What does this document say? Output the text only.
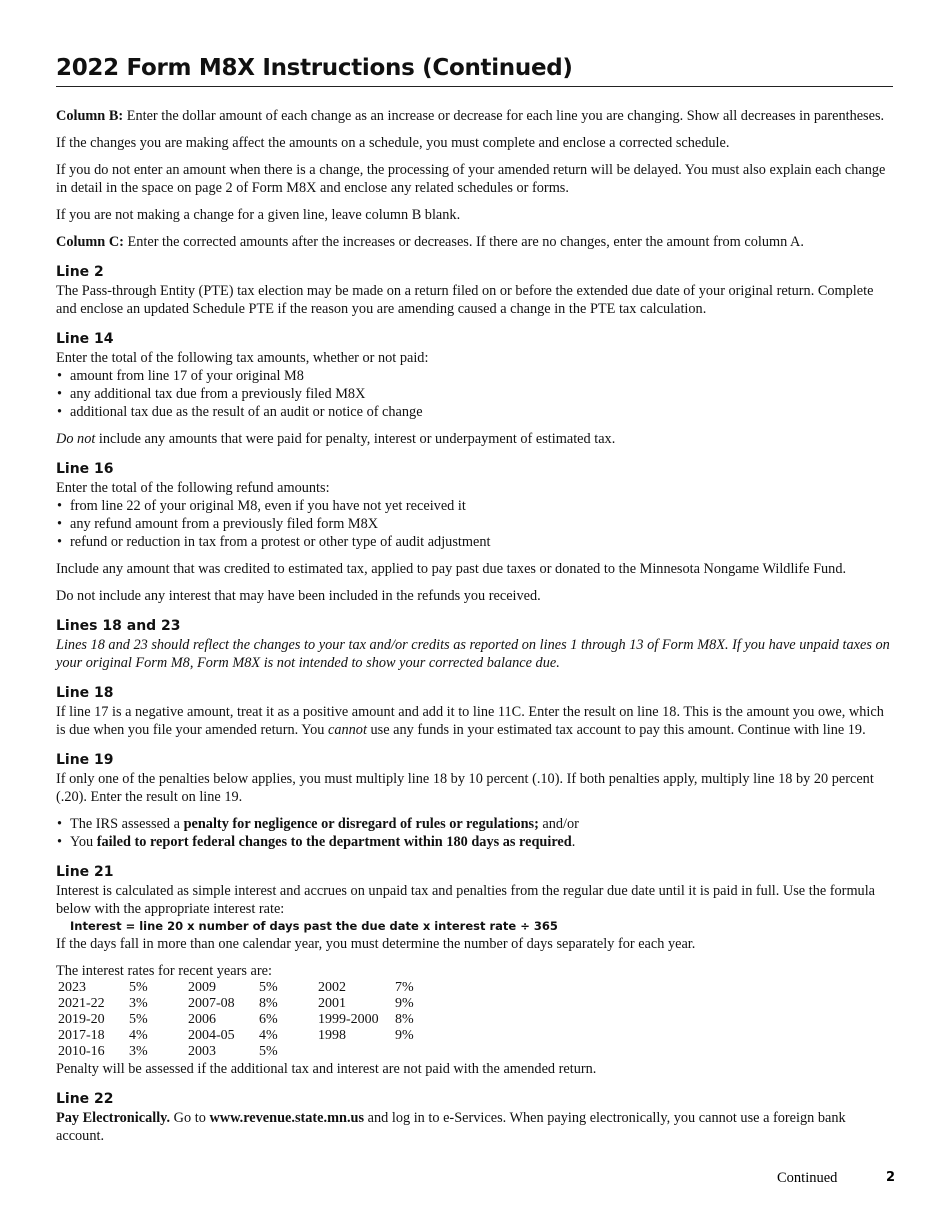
2022 Form M8X Instructions (Continued)

Column B: Enter the dollar amount of each change as an increase or decrease for each line you are changing. Show all decreases in parentheses.

If the changes you are making affect the amounts on a schedule, you must complete and enclose a corrected schedule.

If you do not enter an amount when there is a change, the processing of your amended return will be delayed. You must also explain each change in detail in the space on page 2 of Form M8X and enclose any related schedules or forms.

If you are not making a change for a given line, leave column B blank.

Column C: Enter the corrected amounts after the increases or decreases. If there are no changes, enter the amount from column A.

Line 2

The Pass-through Entity (PTE) tax election may be made on a return filed on or before the extended due date of your original return. Complete and enclose an updated Schedule PTE if the reason you are amending caused a change in the PTE tax calculation.

Line 14
Enter the total of the following tax amounts, whether or not paid:
• amount from line 17 of your original M8
• any additional tax due from a previously filed M8X
• additional tax due as the result of an audit or notice of change

Do not include any amounts that were paid for penalty, interest or underpayment of estimated tax.

Line 16
Enter the total of the following refund amounts:
• from line 22 of your original M8, even if you have not yet received it
• any refund amount from a previously filed form M8X
• refund or reduction in tax from a protest or other type of audit adjustment

Include any amount that was credited to estimated tax, applied to pay past due taxes or donated to the Minnesota Nongame Wildlife Fund.

Do not include any interest that may have been included in the refunds you received.

Lines 18 and 23

Lines 18 and 23 should reflect the changes to your tax and/or credits as reported on lines 1 through 13 of Form M8X. If you have unpaid taxes on your original Form M8, Form M8X is not intended to show your corrected balance due.

Line 18

If line 17 is a negative amount, treat it as a positive amount and add it to line 11C. Enter the result on line 18. This is the amount you owe, which is due when you file your amended return. You cannot use any funds in your estimated tax account to pay this amount. Continue with line 19.

Line 19

If only one of the penalties below applies, you must multiply line 18 by 10 percent (.10). If both penalties apply, multiply line 18 by 20 percent (.20). Enter the result on line 19.

• The IRS assessed a penalty for negligence or disregard of rules or regulations; and/or
• You failed to report federal changes to the department within 180 days as required.
Line 21
Interest is calculated as simple interest and accrues on unpaid tax and penalties from the regular due date until it is paid in full. Use the formula below with the appropriate interest rate:
Interest = line 20 x number of days past the due date x interest rate ÷ 365

If the days fall in more than one calendar year, you must determine the number of days separately for each year.

The interest rates for recent years are:
2023	5%	2009	5%	2002	7%
2021-22	3%	2007-08	8%	2001	9%
2019-20	5%	2006	6%	1999-2000	8%
2017-18	4%	2004-05	4%	1998	9%
2010-16	3%	2003	5%		

Penalty will be assessed if the additional tax and interest are not paid with the amended return.

Line 22

Pay Electronically. Go to www.revenue.state.mn.us and log in to e-Services. When paying electronically, you cannot use a foreign bank account.

Continued	2
